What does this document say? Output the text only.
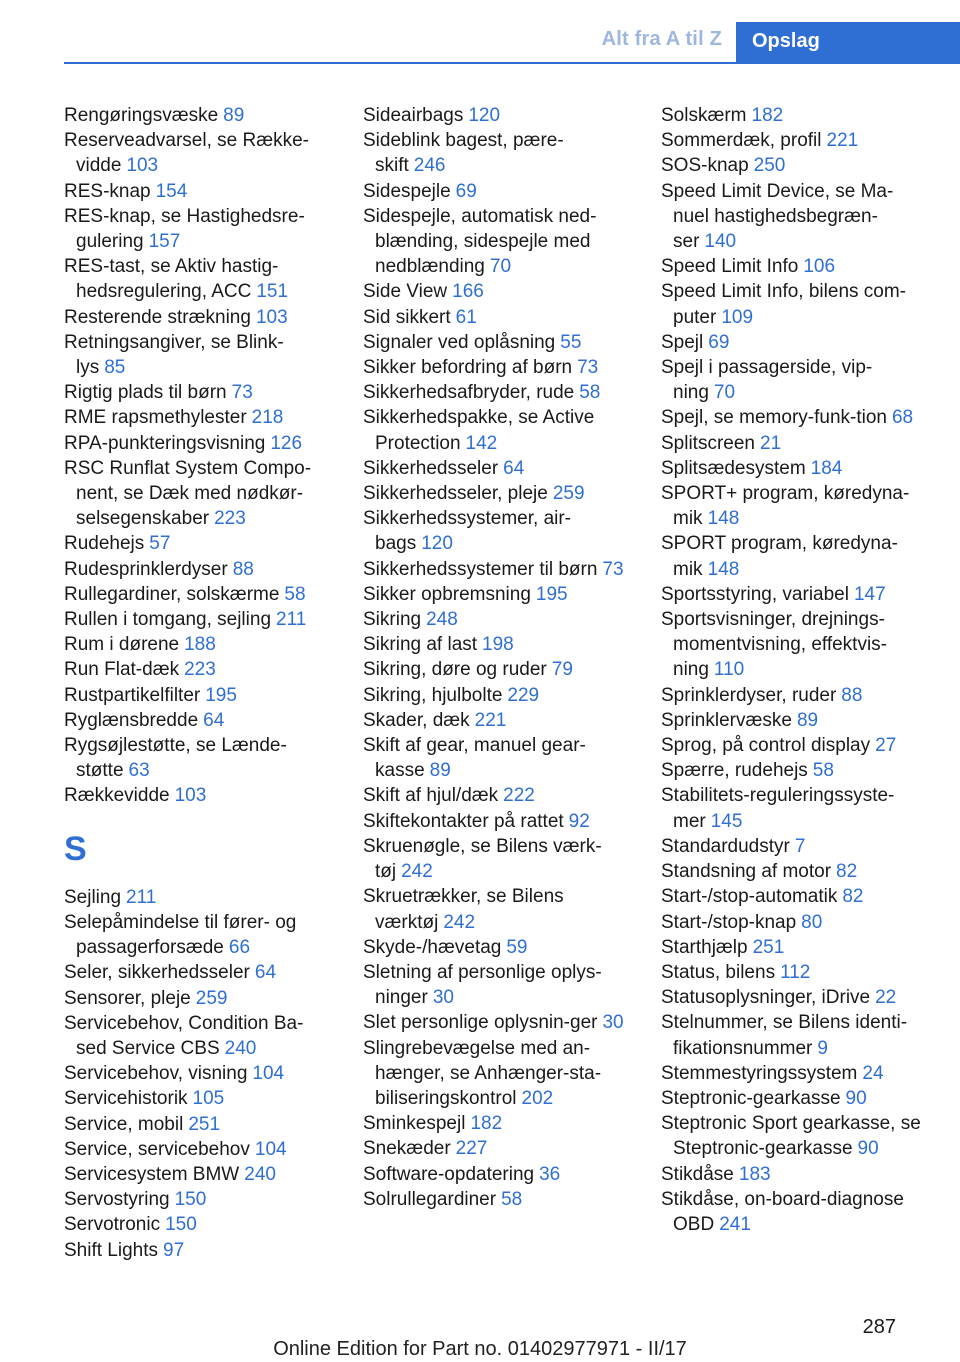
Alt fra A til Z	Opslag
Rengøringsvæske 89
Reserveadvarsel, se Række-vidde 103
RES-knap 154
RES-knap, se Hastighedsre-gulering 157
RES-tast, se Aktiv hastig-hedsregulering, ACC 151
Resterende strækning 103
Retningsangiver, se Blink-lys 85
Rigtig plads til børn 73
RME rapsmethylester 218
RPA-punkteringsvisning 126
RSC Runflat System Compo-nent, se Dæk med nødkør-selsegenskaber 223
Rudehejs 57
Rudesprinklerdyser 88
Rullegardiner, solskærme 58
Rullen i tomgang, sejling 211
Rum i dørene 188
Run Flat-dæk 223
Rustpartikelfilter 195
Ryglænsbredde 64
Rygsøjlestøtte, se Lænde-støtte 63
Rækkevidde 103
S
Sejling 211
Selepåmindelse til fører- og passagerforsæde 66
Seler, sikkerhedsseler 64
Sensorer, pleje 259
Servicebehov, Condition Ba-sed Service CBS 240
Servicebehov, visning 104
Servicehistorik 105
Service, mobil 251
Service, servicebehov 104
Servicesystem BMW 240
Servostyring 150
Servotronic 150
Shift Lights 97
Sideairbags 120
Sideblink bagest, pære-skift 246
Sidespejle 69
Sidespejle, automatisk ned-blænding, sidespejle med nedblænding 70
Side View 166
Sid sikkert 61
Signaler ved oplåsning 55
Sikker befordring af børn 73
Sikkerhedsafbryder, rude 58
Sikkerhedspakke, se Active Protection 142
Sikkerhedsseler 64
Sikkerhedsseler, pleje 259
Sikkerhedssystemer, air-bags 120
Sikkerhedssystemer til børn 73
Sikker opbremsning 195
Sikring 248
Sikring af last 198
Sikring, døre og ruder 79
Sikring, hjulbolte 229
Skader, dæk 221
Skift af gear, manuel gear-kasse 89
Skift af hjul/dæk 222
Skiftekontakter på rattet 92
Skruenøgle, se Bilens værk-tøj 242
Skruetrækker, se Bilens værktøj 242
Skyde-/hævetag 59
Sletning af personlige oplys-ninger 30
Slet personlige oplysnin-ger 30
Slingrebevægelse med an-hænger, se Anhænger-sta-biliseringskontrol 202
Sminkespejl 182
Snekæder 227
Software-opdatering 36
Solrullegardiner 58
Solskærm 182
Sommerdæk, profil 221
SOS-knap 250
Speed Limit Device, se Ma-nuel hastighedsbegræn-ser 140
Speed Limit Info 106
Speed Limit Info, bilens com-puter 109
Spejl 69
Spejl i passagerside, vip-ning 70
Spejl, se memory-funk-tion 68
Splitscreen 21
Splitsædesystem 184
SPORT+ program, køredyna-mik 148
SPORT program, køredyna-mik 148
Sportsstyring, variabel 147
Sportsvisninger, drejnings-momentvisning, effektvis-ning 110
Sprinklerdyser, ruder 88
Sprinklervæske 89
Sprog, på control display 27
Spærre, rudehejs 58
Stabilitets-reguleringssyste-mer 145
Standardudstyr 7
Standsning af motor 82
Start-/stop-automatik 82
Start-/stop-knap 80
Starthjælp 251
Status, bilens 112
Statusoplysninger, iDrive 22
Stelnummer, se Bilens identi-fikationsnummer 9
Stemmestyringssystem 24
Steptronic-gearkasse 90
Steptronic Sport gearkasse, se Steptronic-gearkasse 90
Stikdåse 183
Stikdåse, on-board-diagnose OBD 241
287
Online Edition for Part no. 01402977971 - II/17
